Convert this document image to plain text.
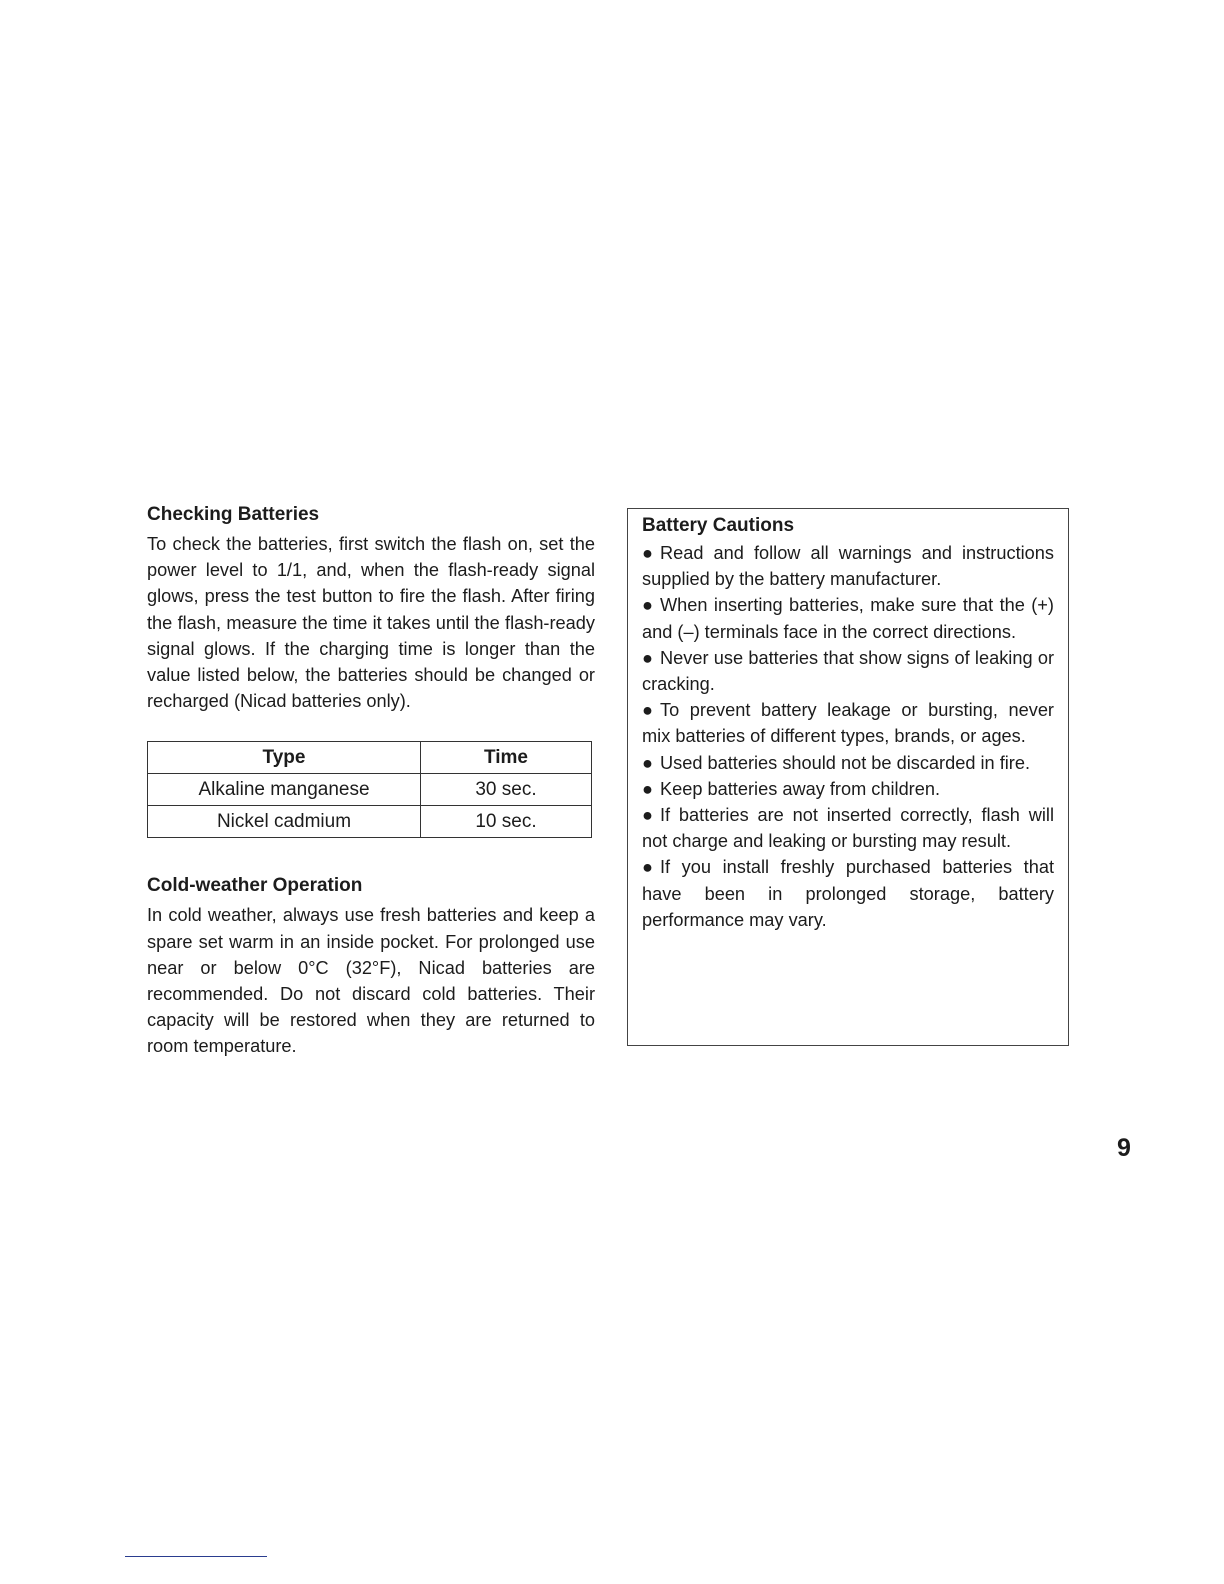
Checking Batteries

To check the batteries, first switch the flash on, set the power level to 1/1, and, when the flash-ready signal glows, press the test button to fire the flash. After firing the flash, measure the time it takes until the flash-ready signal glows. If the charging time is longer than the value listed below, the batteries should be changed or recharged (Nicad batteries only).

Type	Time
Alkaline manganese	30 sec.
Nickel cadmium	10 sec.
Cold-weather Operation

In cold weather, always use fresh batteries and keep a spare set warm in an inside pocket. For prolonged use near or below 0°C (32°F), Nicad batteries are recommended. Do not discard cold batteries. Their capacity will be restored when they are returned to room temperature.

Battery Cautions
● Read and follow all warnings and instructions supplied by the battery manufacturer.
● When inserting batteries, make sure that the (+) and (–) terminals face in the correct directions.
● Never use batteries that show signs of leaking or cracking.
● To prevent battery leakage or bursting, never mix batteries of different types, brands, or ages.
● Used batteries should not be discarded in fire.
● Keep batteries away from children.
● If batteries are not inserted correctly, flash will not charge and leaking or bursting may result.
● If you install freshly purchased batteries that have been in prolonged storage, battery performance may vary.
9
